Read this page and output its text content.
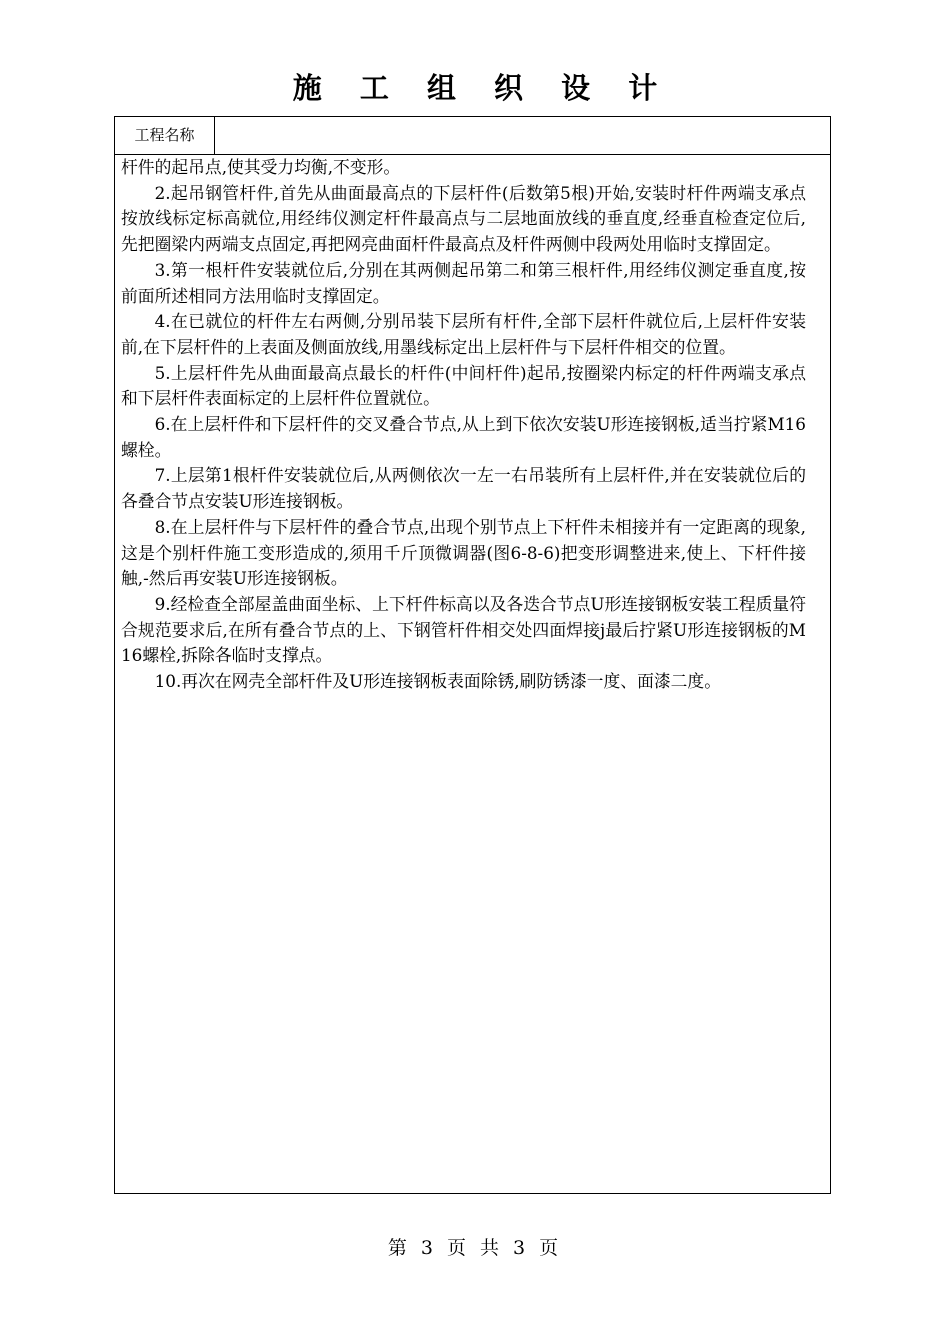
施 工 组 织 设 计
工程名称

杆件的起吊点,使其受力均衡,不变形。

2.起吊钢管杆件,首先从曲面最高点的下层杆件(后数第5根)开始,安装时杆件两端支承点按放线标定标高就位,用经纬仪测定杆件最高点与二层地面放线的垂直度,经垂直检查定位后,先把圈梁内两端支点固定,再把网亮曲面杆件最高点及杆件两侧中段两处用临时支撑固定。

3.第一根杆件安装就位后,分别在其两侧起吊第二和第三根杆件,用经纬仪测定垂直度,按前面所述相同方法用临时支撑固定。

4.在已就位的杆件左右两侧,分别吊装下层所有杆件,全部下层杆件就位后,上层杆件安装前,在下层杆件的上表面及侧面放线,用墨线标定出上层杆件与下层杆件相交的位置。

5.上层杆件先从曲面最高点最长的杆件(中间杆件)起吊,按圈梁内标定的杆件两端支承点和下层杆件表面标定的上层杆件位置就位。

6.在上层杆件和下层杆件的交叉叠合节点,从上到下依次安装U形连接钢板,适当拧紧M16螺栓。

7.上层第1根杆件安装就位后,从两侧依次一左一右吊装所有上层杆件,并在安装就位后的各叠合节点安装U形连接钢板。

8.在上层杆件与下层杆件的叠合节点,出现个别节点上下杆件未相接并有一定距离的现象,这是个别杆件施工变形造成的,须用千斤顶微调器(图6-8-6)把变形调整进来,使上、下杆件接触,-然后再安装U形连接钢板。

9.经检查全部屋盖曲面坐标、上下杆件标高以及各迭合节点U形连接钢板安装工程质量符合规范要求后,在所有叠合节点的上、下钢管杆件相交处四面焊接j最后拧紧U形连接钢板的M16螺栓,拆除各临时支撑点。

10.再次在网壳全部杆件及U形连接钢板表面除锈,刷防锈漆一度、面漆二度。

第 3 页 共 3 页
